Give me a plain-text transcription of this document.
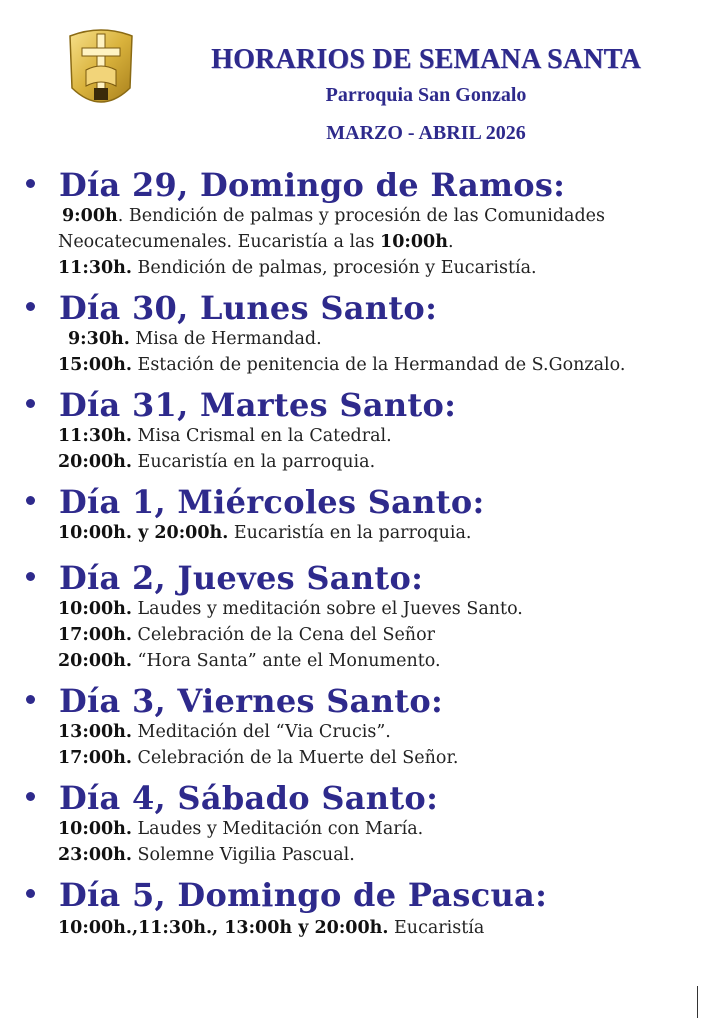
HORARIOS DE SEMANA SANTA
Parroquia San Gonzalo
MARZO - ABRIL 2026
Día 29, Domingo de Ramos:
9:00h. Bendición de palmas y procesión de las Comunidades
Neocatecumenales. Eucaristía a las 10:00h.
11:30h. Bendición de palmas, procesión y Eucaristía.
Día 30, Lunes Santo:
9:30h. Misa de Hermandad.
15:00h. Estación de penitencia de la Hermandad de S.Gonzalo.
Día 31, Martes Santo:
11:30h. Misa Crismal en la Catedral.
20:00h. Eucaristía en la parroquia.
Día 1, Miércoles Santo:
10:00h. y 20:00h. Eucaristía en la parroquia.
Día 2, Jueves Santo:
10:00h. Laudes y meditación sobre el Jueves Santo.
17:00h. Celebración de la Cena del Señor
20:00h. “Hora Santa” ante el Monumento.
Día 3, Viernes Santo:
13:00h. Meditación del “Via Crucis”.
17:00h. Celebración de la Muerte del Señor.
Día 4, Sábado Santo:
10:00h. Laudes y Meditación con María.
23:00h. Solemne Vigilia Pascual.
Día 5, Domingo de Pascua:
10:00h.,11:30h., 13:00h y 20:00h. Eucaristía
